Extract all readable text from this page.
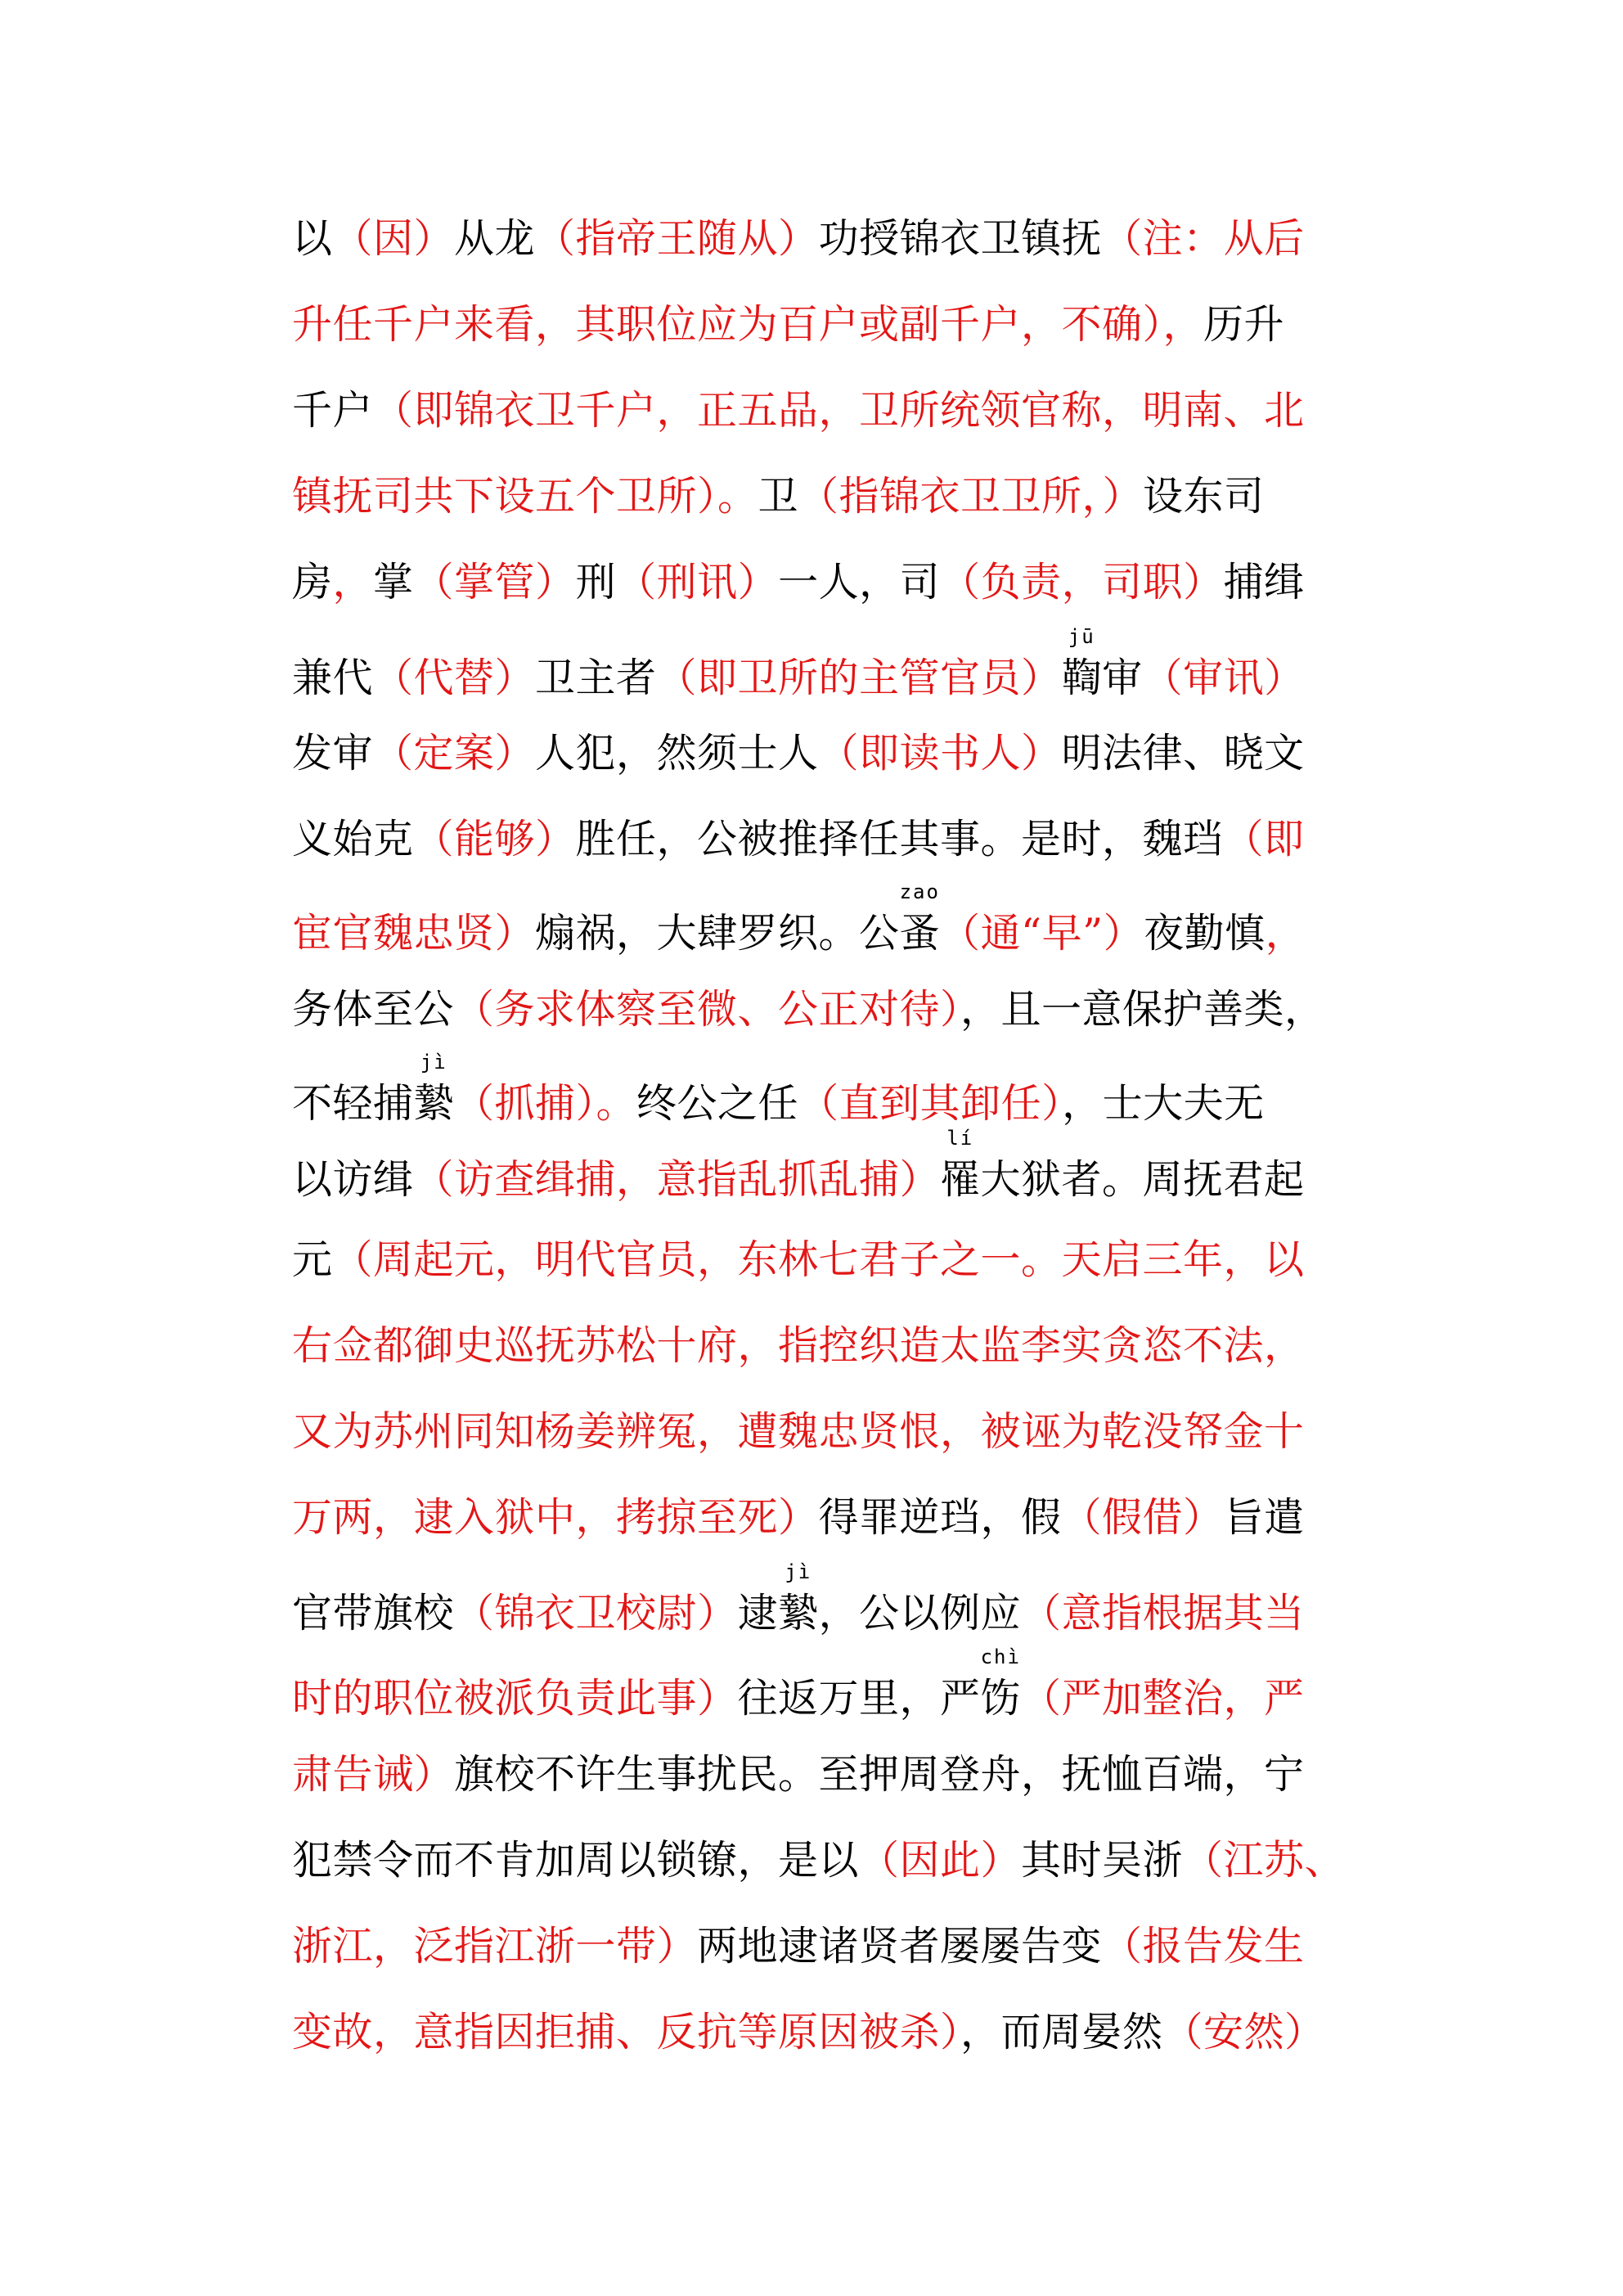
以（因）从龙（指帝王随从）功授锦衣卫镇抚（注：从后
升任千户来看，其职位应为百户或副千户，不确），历升
千户（即锦衣卫千户，正五品，卫所统领官称，明南、北
镇抚司共下设五个卫所）。卫（指锦衣卫卫所，）设东司
房，掌（掌管）刑（刑讯）一人，司（负责，司职）捕缉
兼代（代替）卫主者（即卫所的主管官员）
jū
鞫审（审讯）
发审（定案）人犯，然须士人（即读书人）明法律、晓文
义始克（能够）胜任，公被推择任其事。是时，魏珰（即
宦官魏忠贤）煽祸，大肆罗织。公
zao
蚤（通“早”）夜勤慎，
务体至公（务求体察至微、公正对待），且一意保护善类，
不轻捕
jì
縶（抓捕）。终公之任（直到其卸任），士大夫无
以访缉（访查缉捕，意指乱抓乱捕）
lí
罹大狱者。周抚君起
元（周起元，明代官员，东林七君子之一。天启三年，以
右佥都御史巡抚苏松十府，指控织造太监李实贪恣不法，
又为苏州同知杨姜辨冤，遭魏忠贤恨，被诬为乾没帑金十
万两，逮入狱中，拷掠至死）得罪逆珰，假（假借）旨遣
官带旗校（锦衣卫校尉）逮
jì
縶，公以例应（意指根据其当
时的职位被派负责此事）往返万里，严
chì
饬（严加整治，严
肃告诫）旗校不许生事扰民。至押周登舟，抚恤百端，宁
犯禁令而不肯加周以锁镣，是以（因此）其时吴浙（江苏、
浙江，泛指江浙一带）两地逮诸贤者屡屡告变（报告发生
变故，意指因拒捕、反抗等原因被杀），而周晏然（安然）
